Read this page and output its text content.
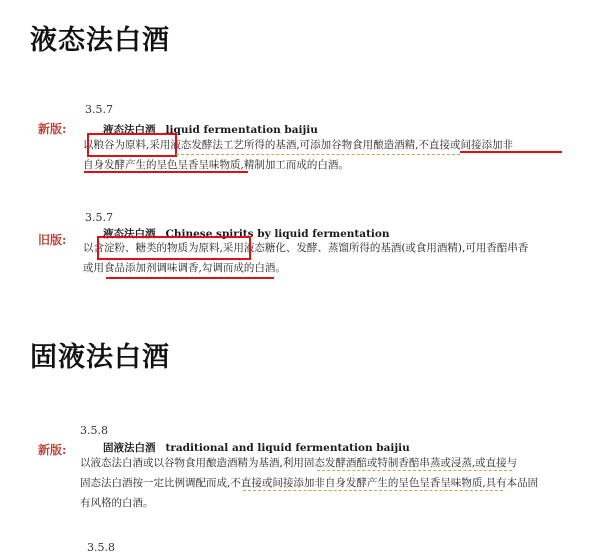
液态法白酒
新版:
3.5.7
液态法白酒 liquid fermentation baijiu

以粮谷为原料,采用液态发酵法工艺所得的基酒,可添加谷物食用酿造酒精,不直接或间接添加非

自身发酵产生的呈色呈香呈味物质,精制加工而成的白酒。

旧版:
3.5.7
液态法白酒 Chinese spirits by liquid fermentation

以含淀粉、糖类的物质为原料,采用液态糖化、发酵、蒸馏所得的基酒(或食用酒精),可用香醅串香

或用食品添加剂调味调香,勾调而成的白酒。

固液法白酒
新版:
3.5.8
固液法白酒 traditional and liquid fermentation baijiu

以液态法白酒或以谷物食用酿造酒精为基酒,利用固态发酵酒醅或特制香醅串蒸或浸蒸,或直接与

固态法白酒按一定比例调配而成,不直接或间接添加非自身发酵产生的呈色呈香呈味物质,具有本品固

有风格的白酒。

3.5.8
